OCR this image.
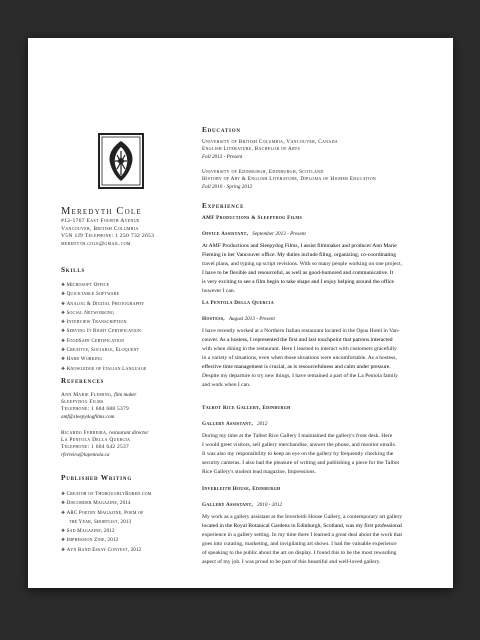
Meredyth Cole
#12-1767 East Fourth Avenue
Vancouver, British Columbia
V5N 1J9 Telephone: 1 250 732 2653
meredyth.cole@gmail.com
Skills
❖ Microsoft Office
❖ Quicktable Software
❖ Analog & Digital Photography
❖ Social Networking
❖ Interview Transcription
❖ Serving It Right Certification
❖ FoodSafe Certification
❖ Creative, Sociable, Eloquent
❖ Hard Working
❖ Knowledge of Italian Language
References
Ann Marie Fleming, film maker
Sleepydog Films
Telephone: 1 604 688 5379
amf@sleepydogfilms.com
Ricardo Ferreira, restaurant director
La Pentola Della Quercia
Telephone: 1 604 642 2537
rferreira@lapentola.ca
Published Writing
❖ Creator of ThoroughlyBored.com
❖ Discorder Magazine, 2014
❖ ARC Poetry Magazine, Poem of
the Year, Shortlist, 2013
❖ Sad Magazine, 2012
❖ Impression Zine, 2012
❖ Ayn Rand Essay Contest, 2012
Education
University of British Columbia, Vancouver, Canada
English Literature, Bachelor of Arts
Fall 2013 - Present
University of Edinburgh, Edinburgh, Scotland
History of Art & English Literature, Diploma of Higher Education
Fall 2010 - Spring 2012
Experience
AMF Productions & Sleepydog Films
Office Assistant, September 2013 - Present
At AMF Productions and Sleepydog Films, I assist filmmaker and producer Ann Marie
Fleming in her Vancouver office. My duties include filing, organizing, co-coordinating
travel plans, and typing up script revisions. With so many people working on one project,
I have to be flexible and resourceful, as well as good-humored and communicative. It
is very exciting to see a film begin to take shape and I enjoy helping around the office
however I can.
La Pentola Della Quercia
Hostess, August 2013 - Present
I have recently worked at a Northern Italian restaurant located in the Opus Hotel in Van-
couver. As a hostess, I represented the first and last touchpoint that patrons interacted
with when dining in the restaurant. Here I learned to interact with customers gracefully
in a variety of situations, even when those situations were uncomfortable. As a hostess,
effective time management is crucial, as is resourcefulness and calm under pressure.
Despite my departure to try new things, I have remained a part of the La Pentola family
and work when I can.
Talbot Rice Gallery, Edinburgh
Gallery Assistant, 2012
During my time at the Talbot Rice Gallery I maintained the gallery's front desk. Here
I would greet visitors, sell gallery merchandise, answer the phone, and monitor emails.
It was also my responsibility to keep an eye on the gallery by frequently checking the
security cameras. I also had the pleasure of writing and publishing a piece for the Talbot
Rice Gallery's student lead magazine, Impressions.
Inverleith House, Edinburgh
Gallery Assistant, 2010 - 2012
My work as a gallery assistant at the Inverleith House Gallery, a contemporary art gallery
located in the Royal Botanical Gardens in Edinburgh, Scotland, was my first professional
experience in a gallery setting. In my time there I learned a great deal about the work that
goes into curating, marketing, and invigilating art shows. I had the valuable experience
of speaking to the public about the art on display. I found this to be the most rewarding
aspect of my job. I was proud to be part of this beautiful and well-loved gallery.
